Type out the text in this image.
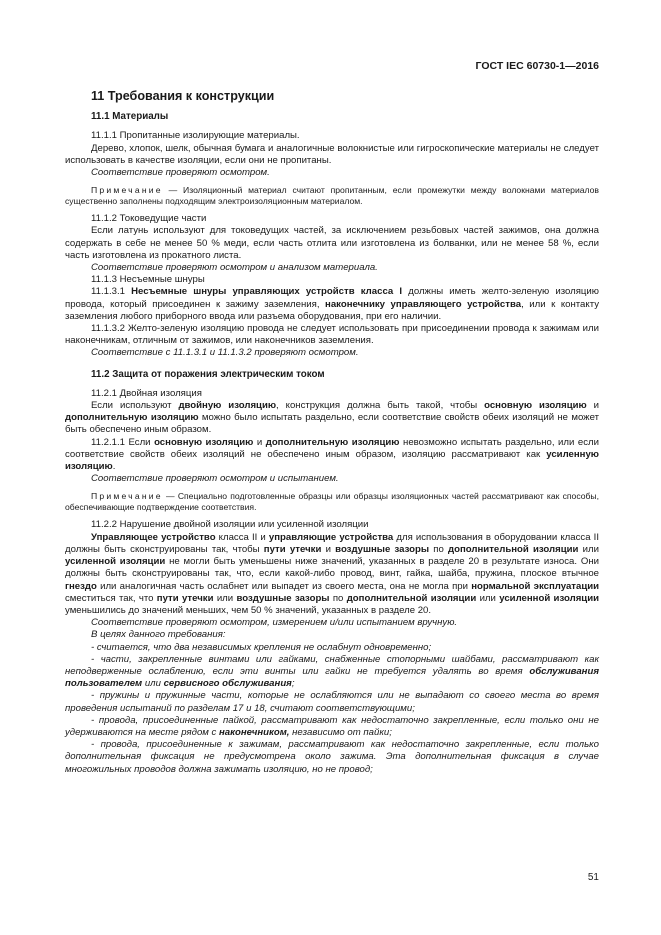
ГОСТ IEC 60730-1—2016
11 Требования к конструкции
11.1 Материалы

11.1.1 Пропитанные изолирующие материалы.

Дерево, хлопок, шелк, обычная бумага и аналогичные волокнистые или гигроскопические материалы не следует использовать в качестве изоляции, если они не пропитаны.

Соответствие проверяют осмотром.

Примечание — Изоляционный материал считают пропитанным, если промежутки между волокнами материалов существенно заполнены подходящим электроизоляционным материалом.

11.1.2 Токоведущие части

Если латунь используют для токоведущих частей, за исключением резьбовых частей зажимов, она должна содержать в себе не менее 50 % меди, если часть отлита или изготовлена из болванки, или не менее 58 %, если часть изготовлена из прокатного листа.

Соответствие проверяют осмотром и анализом материала.

11.1.3 Несъемные шнуры

11.1.3.1 Несъемные шнуры управляющих устройств класса I должны иметь желто-зеленую изоляцию провода, который присоединен к зажиму заземления, наконечнику управляющего устройства, или к контакту заземления любого приборного ввода или разъема оборудования, при его наличии.

11.1.3.2 Желто-зеленую изоляцию провода не следует использовать при присоединении провода к зажимам или наконечникам, отличным от зажимов, или наконечников заземления.

Соответствие с 11.1.3.1 и 11.1.3.2 проверяют осмотром.

11.2 Защита от поражения электрическим током

11.2.1 Двойная изоляция

Если используют двойную изоляцию, конструкция должна быть такой, чтобы основную изоляцию и дополнительную изоляцию можно было испытать раздельно, если соответствие свойств обеих изоляций не может быть обеспечено иным образом.

11.2.1.1 Если основную изоляцию и дополнительную изоляцию невозможно испытать раздельно, или если соответствие свойств обеих изоляций не обеспечено иным образом, изоляцию рассматривают как усиленную изоляцию.

Соответствие проверяют осмотром и испытанием.

Примечание — Специально подготовленные образцы или образцы изоляционных частей рассматривают как способы, обеспечивающие подтверждение соответствия.

11.2.2 Нарушение двойной изоляции или усиленной изоляции

Управляющее устройство класса II и управляющие устройства для использования в оборудовании класса II должны быть сконструированы так, чтобы пути утечки и воздушные зазоры по дополнительной изоляции или усиленной изоляции не могли быть уменьшены ниже значений, указанных в разделе 20 в результате износа. Они должны быть сконструированы так, что, если какой-либо провод, винт, гайка, шайба, пружина, плоское втычное гнездо или аналогичная часть ослабнет или выпадет из своего места, она не могла при нормальной эксплуатации сместиться так, что пути утечки или воздушные зазоры по дополнительной изоляции или усиленной изоляции уменьшились до значений меньших, чем 50 % значений, указанных в разделе 20.

Соответствие проверяют осмотром, измерением и/или испытанием вручную.

В целях данного требования:

- считается, что два независимых крепления не ослабнут одновременно;

- части, закрепленные винтами или гайками, снабженные стопорными шайбами, рассматривают как неподверженные ослаблению, если эти винты или гайки не требуется удалять во время обслуживания пользователем или сервисного обслуживания;

- пружины и пружинные части, которые не ослабляются или не выпадают со своего места во время проведения испытаний по разделам 17 и 18, считают соответствующими;

- провода, присоединенные пайкой, рассматривают как недостаточно закрепленные, если только они не удерживаются на месте рядом с наконечником, независимо от пайки;

- провода, присоединенные к зажимам, рассматривают как недостаточно закрепленные, если только дополнительная фиксация не предусмотрена около зажима. Эта дополнительная фиксация в случае многожильных проводов должна зажимать изоляцию, но не провод;

51
